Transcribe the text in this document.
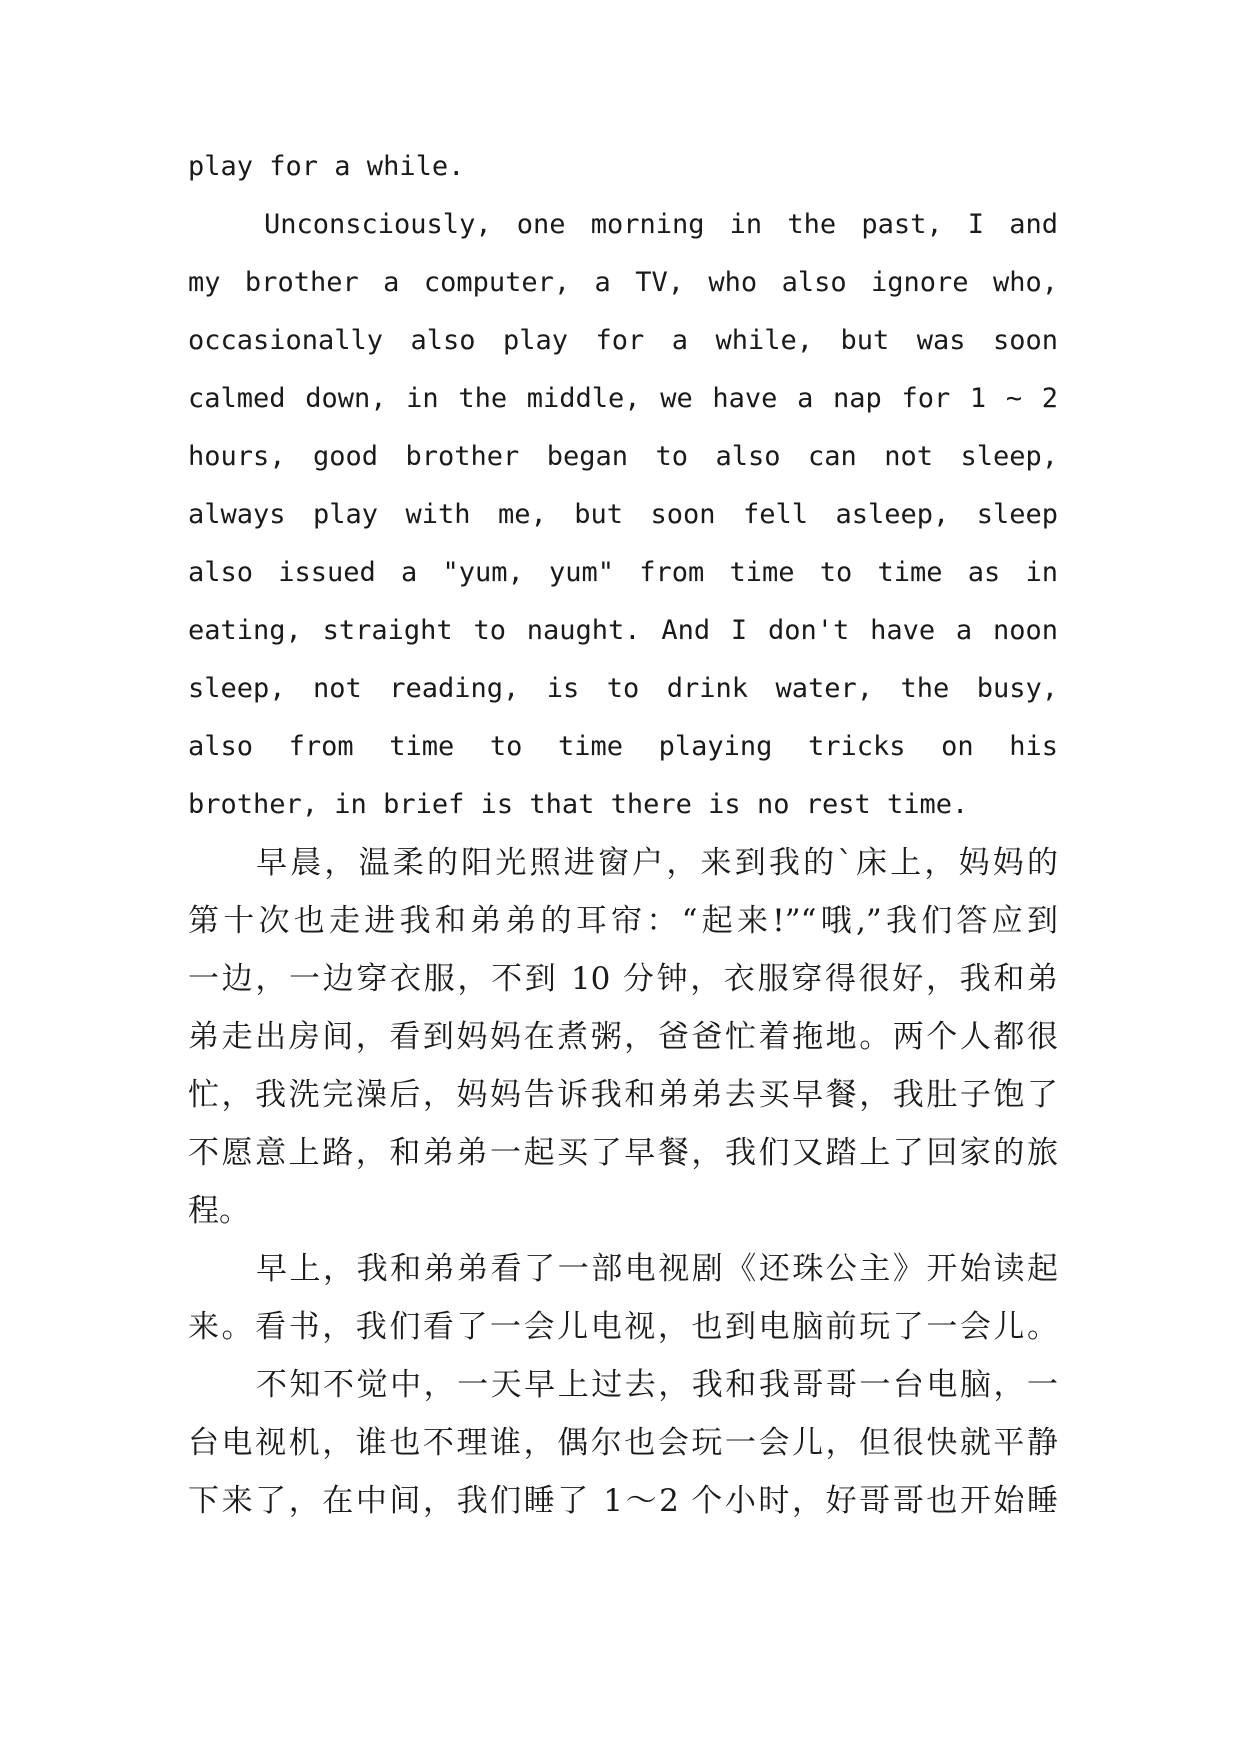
play for a while.
Unconsciously, one morning in the past, I and
my brother a computer, a TV, who also ignore who,
occasionally also play for a while, but was soon
calmed down, in the middle, we have a nap for 1 ~ 2
hours, good brother began to also can not sleep,
always play with me, but soon fell asleep, sleep
also issued a "yum, yum" from time to time as in
eating, straight to naught. And I don't have a noon
sleep, not reading, is to drink water, the busy,
also from time to time playing tricks on his
brother, in brief is that there is no rest time.
早晨，温柔的阳光照进窗户，来到我的`床上，妈妈的
第十次也走进我和弟弟的耳帘：“起来!”“哦,”我们答应到
一边，一边穿衣服，不到 10 分钟，衣服穿得很好，我和弟
弟走出房间，看到妈妈在煮粥，爸爸忙着拖地。两个人都很
忙，我洗完澡后，妈妈告诉我和弟弟去买早餐，我肚子饱了
不愿意上路，和弟弟一起买了早餐，我们又踏上了回家的旅
程。
早上，我和弟弟看了一部电视剧《还珠公主》开始读起
来。看书，我们看了一会儿电视，也到电脑前玩了一会儿。
不知不觉中，一天早上过去，我和我哥哥一台电脑，一
台电视机，谁也不理谁，偶尔也会玩一会儿，但很快就平静
下来了，在中间，我们睡了 1～2 个小时，好哥哥也开始睡
